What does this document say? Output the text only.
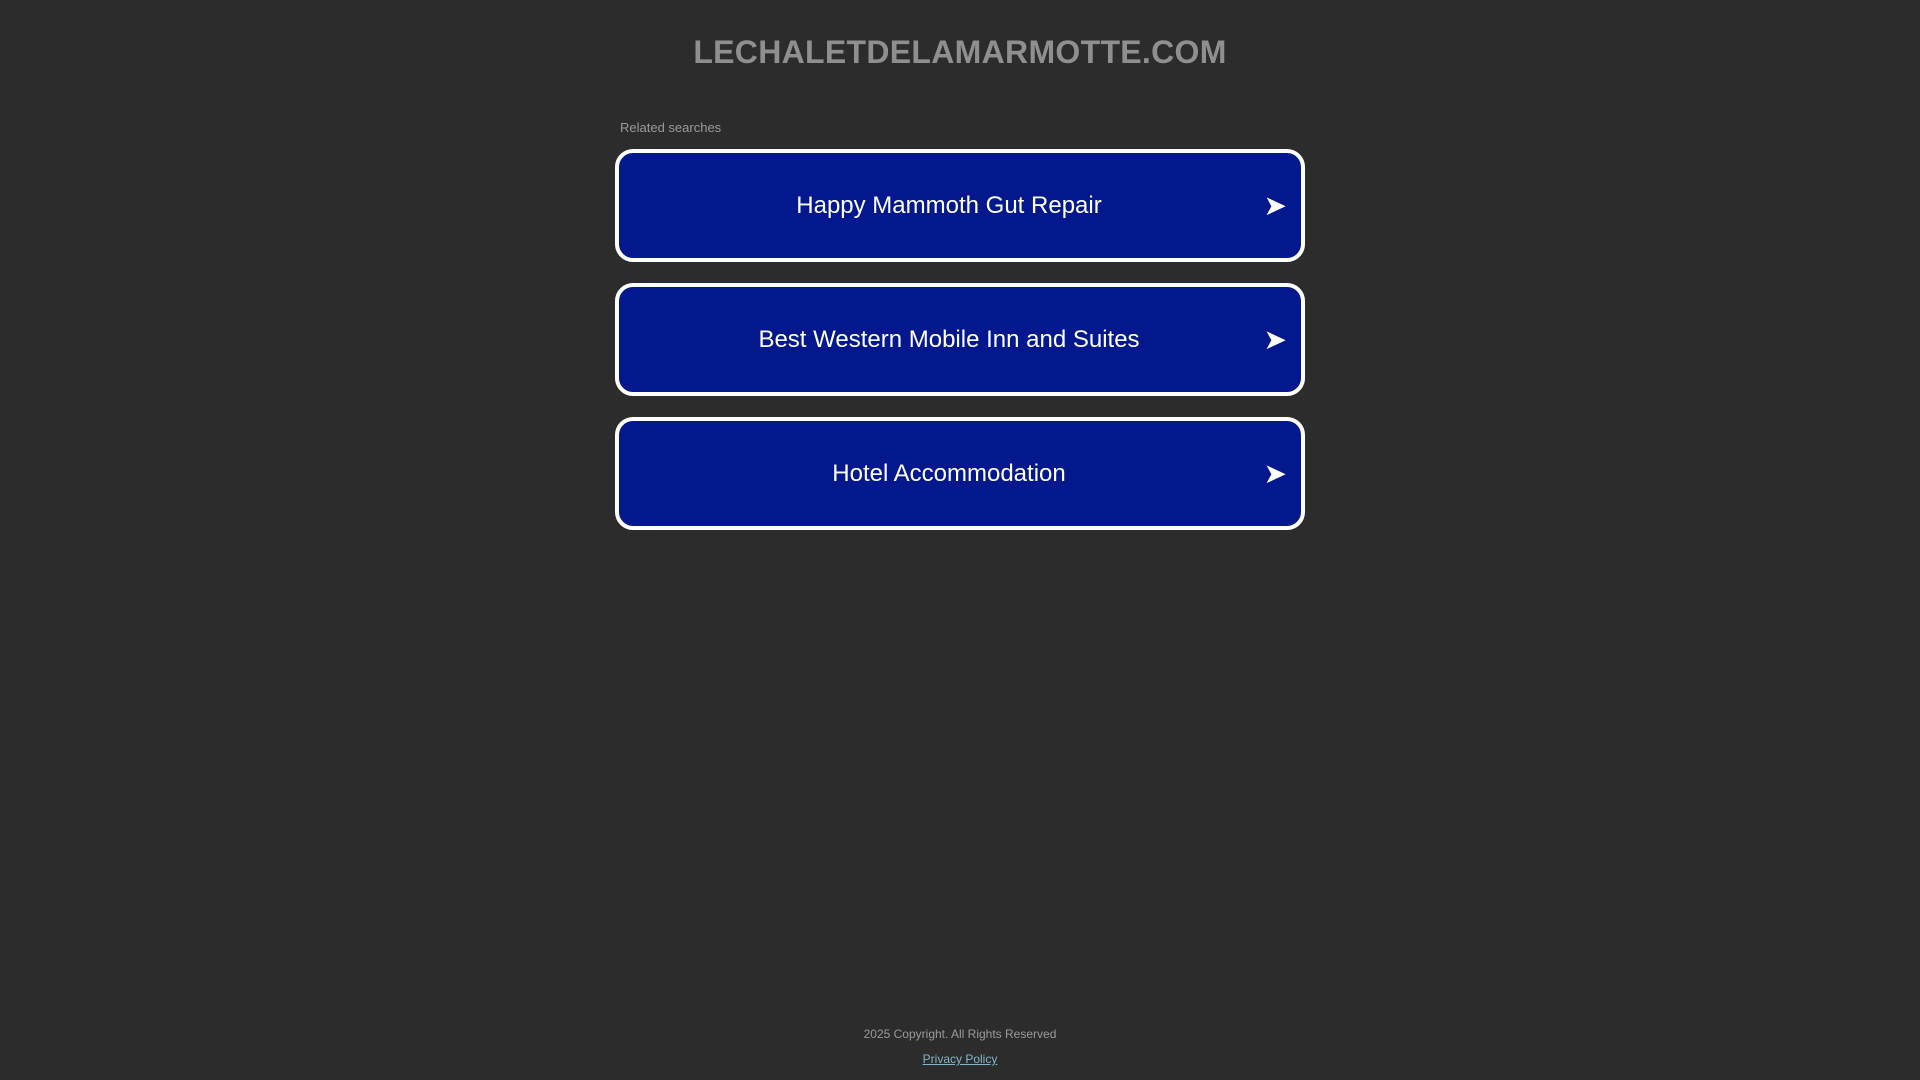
LECHALETDELAMARMOTTE.COM
Related searches
Happy Mammoth Gut Repair	➤
Best Western Mobile Inn and Suites	➤
Hotel Accommodation	➤

2025 Copyright. All Rights Reserved

Privacy Policy
